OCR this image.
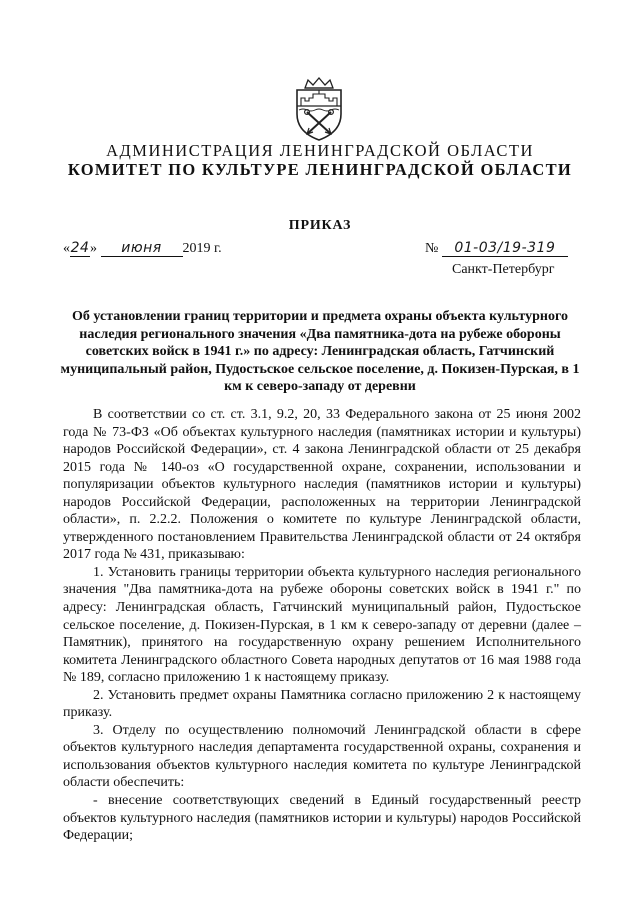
АДМИНИСТРАЦИЯ ЛЕНИНГРАДСКОЙ ОБЛАСТИ
КОМИТЕТ ПО КУЛЬТУРЕ ЛЕНИНГРАДСКОЙ ОБЛАСТИ
ПРИКАЗ
«24» июня 2019 г.	№ 01-03/19-319
Санкт-Петербург
Об установлении границ территории и предмета охраны объекта культурного наследия регионального значения «Два памятника-дота на рубеже обороны советских войск в 1941 г.» по адресу: Ленинградская область, Гатчинский муниципальный район, Пудостьское сельское поселение, д. Покизен-Пурская, в 1 км к северо-западу от деревни

В соответствии со ст. ст. 3.1, 9.2, 20, 33 Федерального закона от 25 июня 2002 года № 73-ФЗ «Об объектах культурного наследия (памятниках истории и культуры) народов Российской Федерации», ст. 4 закона Ленинградской области от 25 декабря 2015 года № 140-оз «О государственной охране, сохранении, использовании и популяризации объектов культурного наследия (памятников истории и культуры) народов Российской Федерации, расположенных на территории Ленинградской области», п. 2.2.2. Положения о комитете по культуре Ленинградской области, утвержденного постановлением Правительства Ленинградской области от 24 октября 2017 года № 431, приказываю:

1. Установить границы территории объекта культурного наследия регионального значения "Два памятника-дота на рубеже обороны советских войск в 1941 г." по адресу: Ленинградская область, Гатчинский муниципальный район, Пудостьское сельское поселение, д. Покизен-Пурская, в 1 км к северо-западу от деревни (далее – Памятник), принятого на государственную охрану решением Исполнительного комитета Ленинградского областного Совета народных депутатов от 16 мая 1988 года № 189, согласно приложению 1 к настоящему приказу.

2. Установить предмет охраны Памятника согласно приложению 2 к настоящему приказу.

3. Отделу по осуществлению полномочий Ленинградской области в сфере объектов культурного наследия департамента государственной охраны, сохранения и использования объектов культурного наследия комитета по культуре Ленинградской области обеспечить:

- внесение соответствующих сведений в Единый государственный реестр объектов культурного наследия (памятников истории и культуры) народов Российской Федерации;
